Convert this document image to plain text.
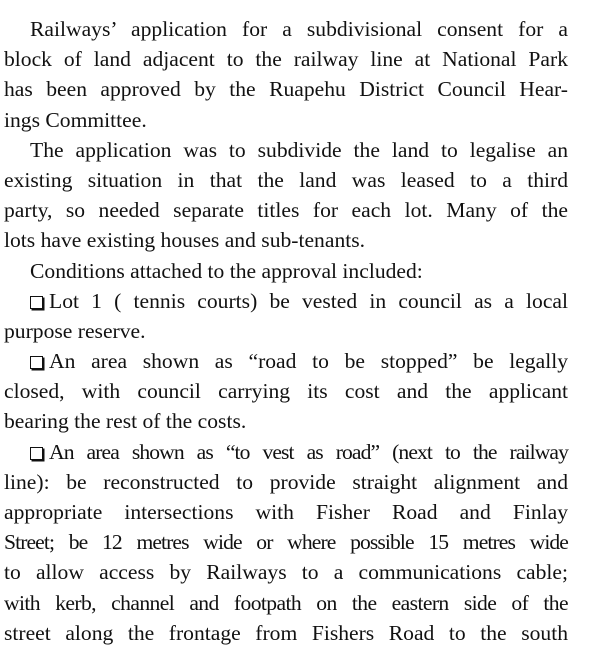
Railways’ application for a subdivisional consent for a
block of land adjacent to the railway line at National Park
has been approved by the Ruapehu District Council Hear-
ings Committee.
The application was to subdivide the land to legalise an
existing situation in that the land was leased to a third
party, so needed separate titles for each lot. Many of the
lots have existing houses and sub-tenants.
Conditions attached to the approval included:
Lot 1 ( tennis courts) be vested in council as a local
purpose reserve.
An area shown as “road to be stopped” be legally
closed, with council carrying its cost and the applicant
bearing the rest of the costs.
An area shown as “to vest as road” (next to the railway
line): be reconstructed to provide straight alignment and
appropriate intersections with Fisher Road and Finlay
Street; be 12 metres wide or where possible 15 metres wide
to allow access by Railways to a communications cable;
with kerb, channel and footpath on the eastern side of the
street along the frontage from Fishers Road to the south
